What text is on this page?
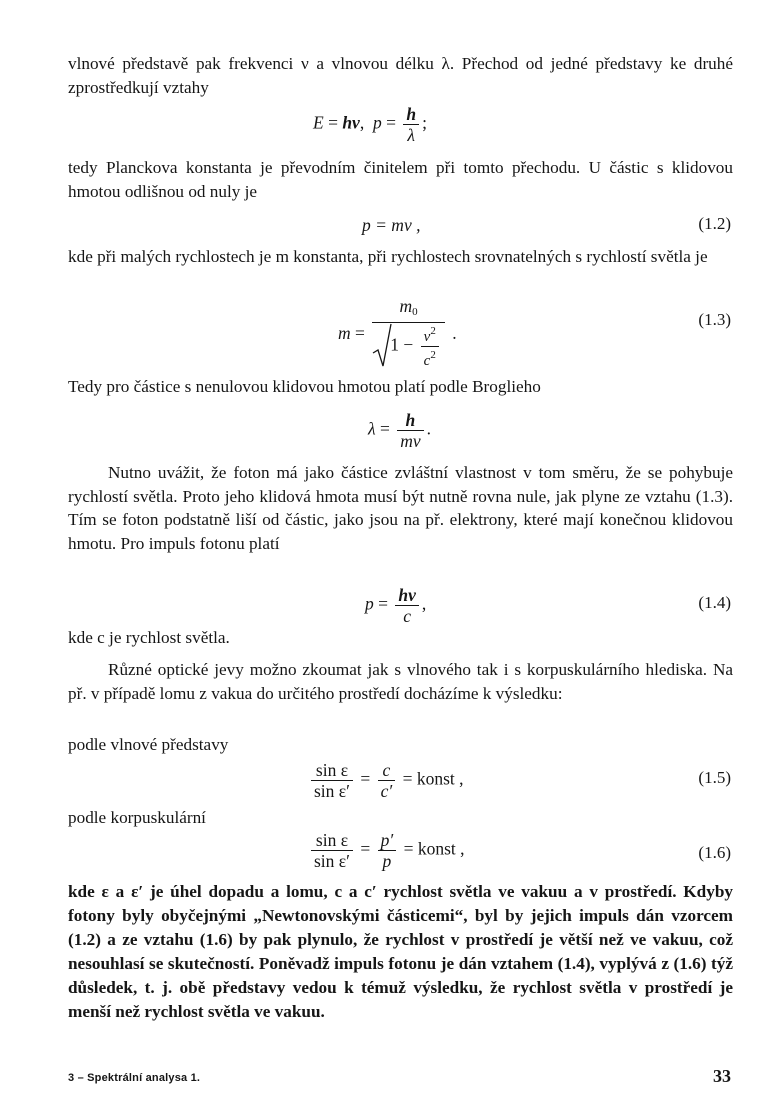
vlnové představě pak frekvenci ν a vlnovou délku λ. Přechod od jedné představy ke druhé zprostředkují vztahy

E = hν, $p = \frac{h}{\lambda}$ ;

tedy Planckova konstanta je převodním činitelem při tomto přechodu. U částic s klidovou hmotou odlišnou od nuly je

p = mv ,	(1.2)

kde při malých rychlostech je m konstanta, při rychlostech srovnatelných s rychlostí světla je

$m = \frac{m_0}{1 - \frac{v^2}{c^2}}$ .
(1.3)

Tedy pro částice s nenulovou klidovou hmotou platí podle Broglieho

$\lambda = \frac{h}{mv}$ .

Nutno uvážit, že foton má jako částice zvláštní vlastnost v tom směru, že se pohybuje rychlostí světla. Proto jeho klidová hmota musí být nutně rovna nule, jak plyne ze vztahu (1.3). Tím se foton podstatně liší od částic, jako jsou na př. elektrony, které mají konečnou klidovou hmotu. Pro impuls fotonu platí

$p = \frac{h\nu}{c}$ ,	(1.4)

kde c je rychlost světla.

Různé optické jevy možno zkoumat jak s vlnového tak i s korpuskulárního hlediska. Na př. v případě lomu z vakua do určitého prostředí docházíme k výsledku:

podle vlnové představy

$\frac{\text{sin ε}}{\text{sin ε′}} = \frac{c}{c'}$ = konst ,	(1.5)

podle korpuskulární

$\frac{\text{sin ε}}{\text{sin ε′}} = \frac{p'}{p}$ = konst ,	(1.6)

kde ε a ε′ je úhel dopadu a lomu, c a c′ rychlost světla ve vakuu a v prostředí. Kdyby fotony byly obyčejnými „Newtonovskými částicemi“, byl by jejich impuls dán vzorcem (1.2) a ze vztahu (1.6) by pak plynulo, že rychlost v prostředí je větší než ve vakuu, což nesouhlasí se skutečností. Poněvadž impuls fotonu je dán vztahem (1.4), vyplývá z (1.6) týž důsledek, t. j. obě představy vedou k témuž výsledku, že rychlost světla v prostředí je menší než rychlost světla ve vakuu.

3 – Spektrální analysa 1.	33
